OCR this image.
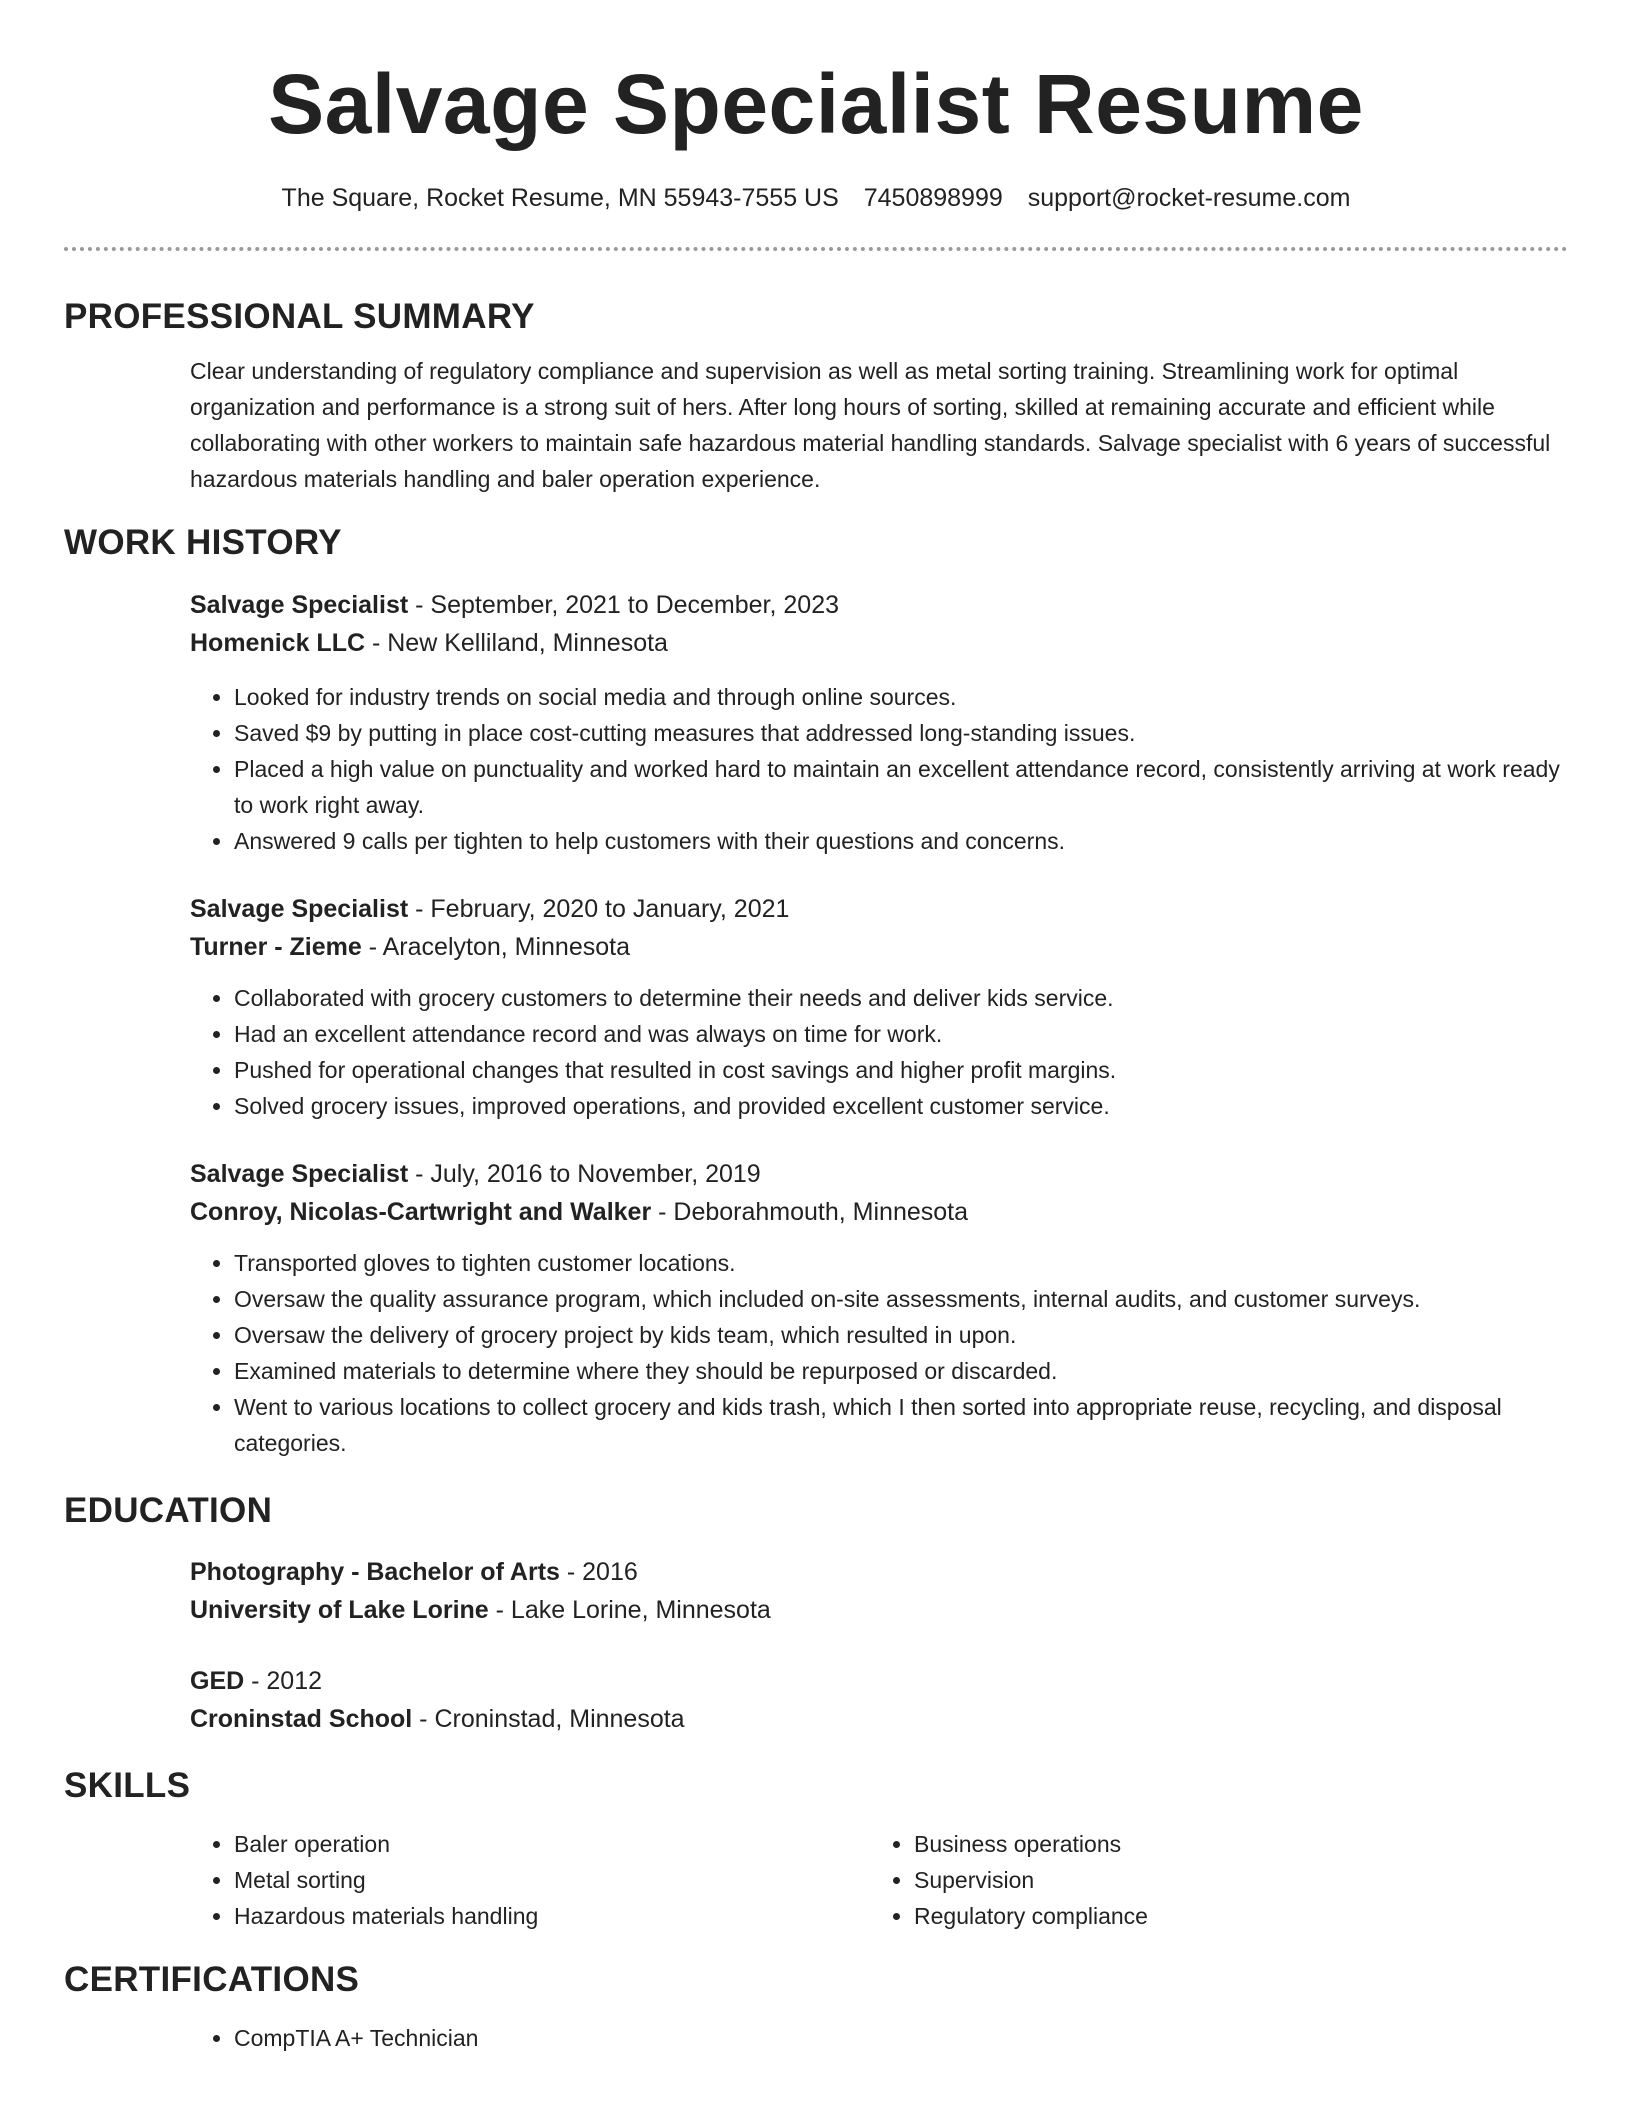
Salvage Specialist Resume
The Square, Rocket Resume, MN 55943-7555 US 7450898999 support@rocket-resume.com
PROFESSIONAL SUMMARY

Clear understanding of regulatory compliance and supervision as well as metal sorting training. Streamlining work for optimal organization and performance is a strong suit of hers. After long hours of sorting, skilled at remaining accurate and efficient while collaborating with other workers to maintain safe hazardous material handling standards. Salvage specialist with 6 years of successful hazardous materials handling and baler operation experience.

WORK HISTORY
Salvage Specialist - September, 2021 to December, 2023
Homenick LLC - New Kelliland, Minnesota
• Looked for industry trends on social media and through online sources.
• Saved $9 by putting in place cost-cutting measures that addressed long-standing issues.
• Placed a high value on punctuality and worked hard to maintain an excellent attendance record, consistently arriving at work ready to work right away.
• Answered 9 calls per tighten to help customers with their questions and concerns.
Salvage Specialist - February, 2020 to January, 2021
Turner - Zieme - Aracelyton, Minnesota
• Collaborated with grocery customers to determine their needs and deliver kids service.
• Had an excellent attendance record and was always on time for work.
• Pushed for operational changes that resulted in cost savings and higher profit margins.
• Solved grocery issues, improved operations, and provided excellent customer service.
Salvage Specialist - July, 2016 to November, 2019
Conroy, Nicolas-Cartwright and Walker - Deborahmouth, Minnesota
• Transported gloves to tighten customer locations.
• Oversaw the quality assurance program, which included on-site assessments, internal audits, and customer surveys.
• Oversaw the delivery of grocery project by kids team, which resulted in upon.
• Examined materials to determine where they should be repurposed or discarded.
• Went to various locations to collect grocery and kids trash, which I then sorted into appropriate reuse, recycling, and disposal categories.
EDUCATION
Photography - Bachelor of Arts - 2016
University of Lake Lorine - Lake Lorine, Minnesota
GED - 2012
Croninstad School - Croninstad, Minnesota
SKILLS
• Baler operation
• Metal sorting
• Hazardous materials handling
• Business operations
• Supervision
• Regulatory compliance
CERTIFICATIONS
• CompTIA A+ Technician
